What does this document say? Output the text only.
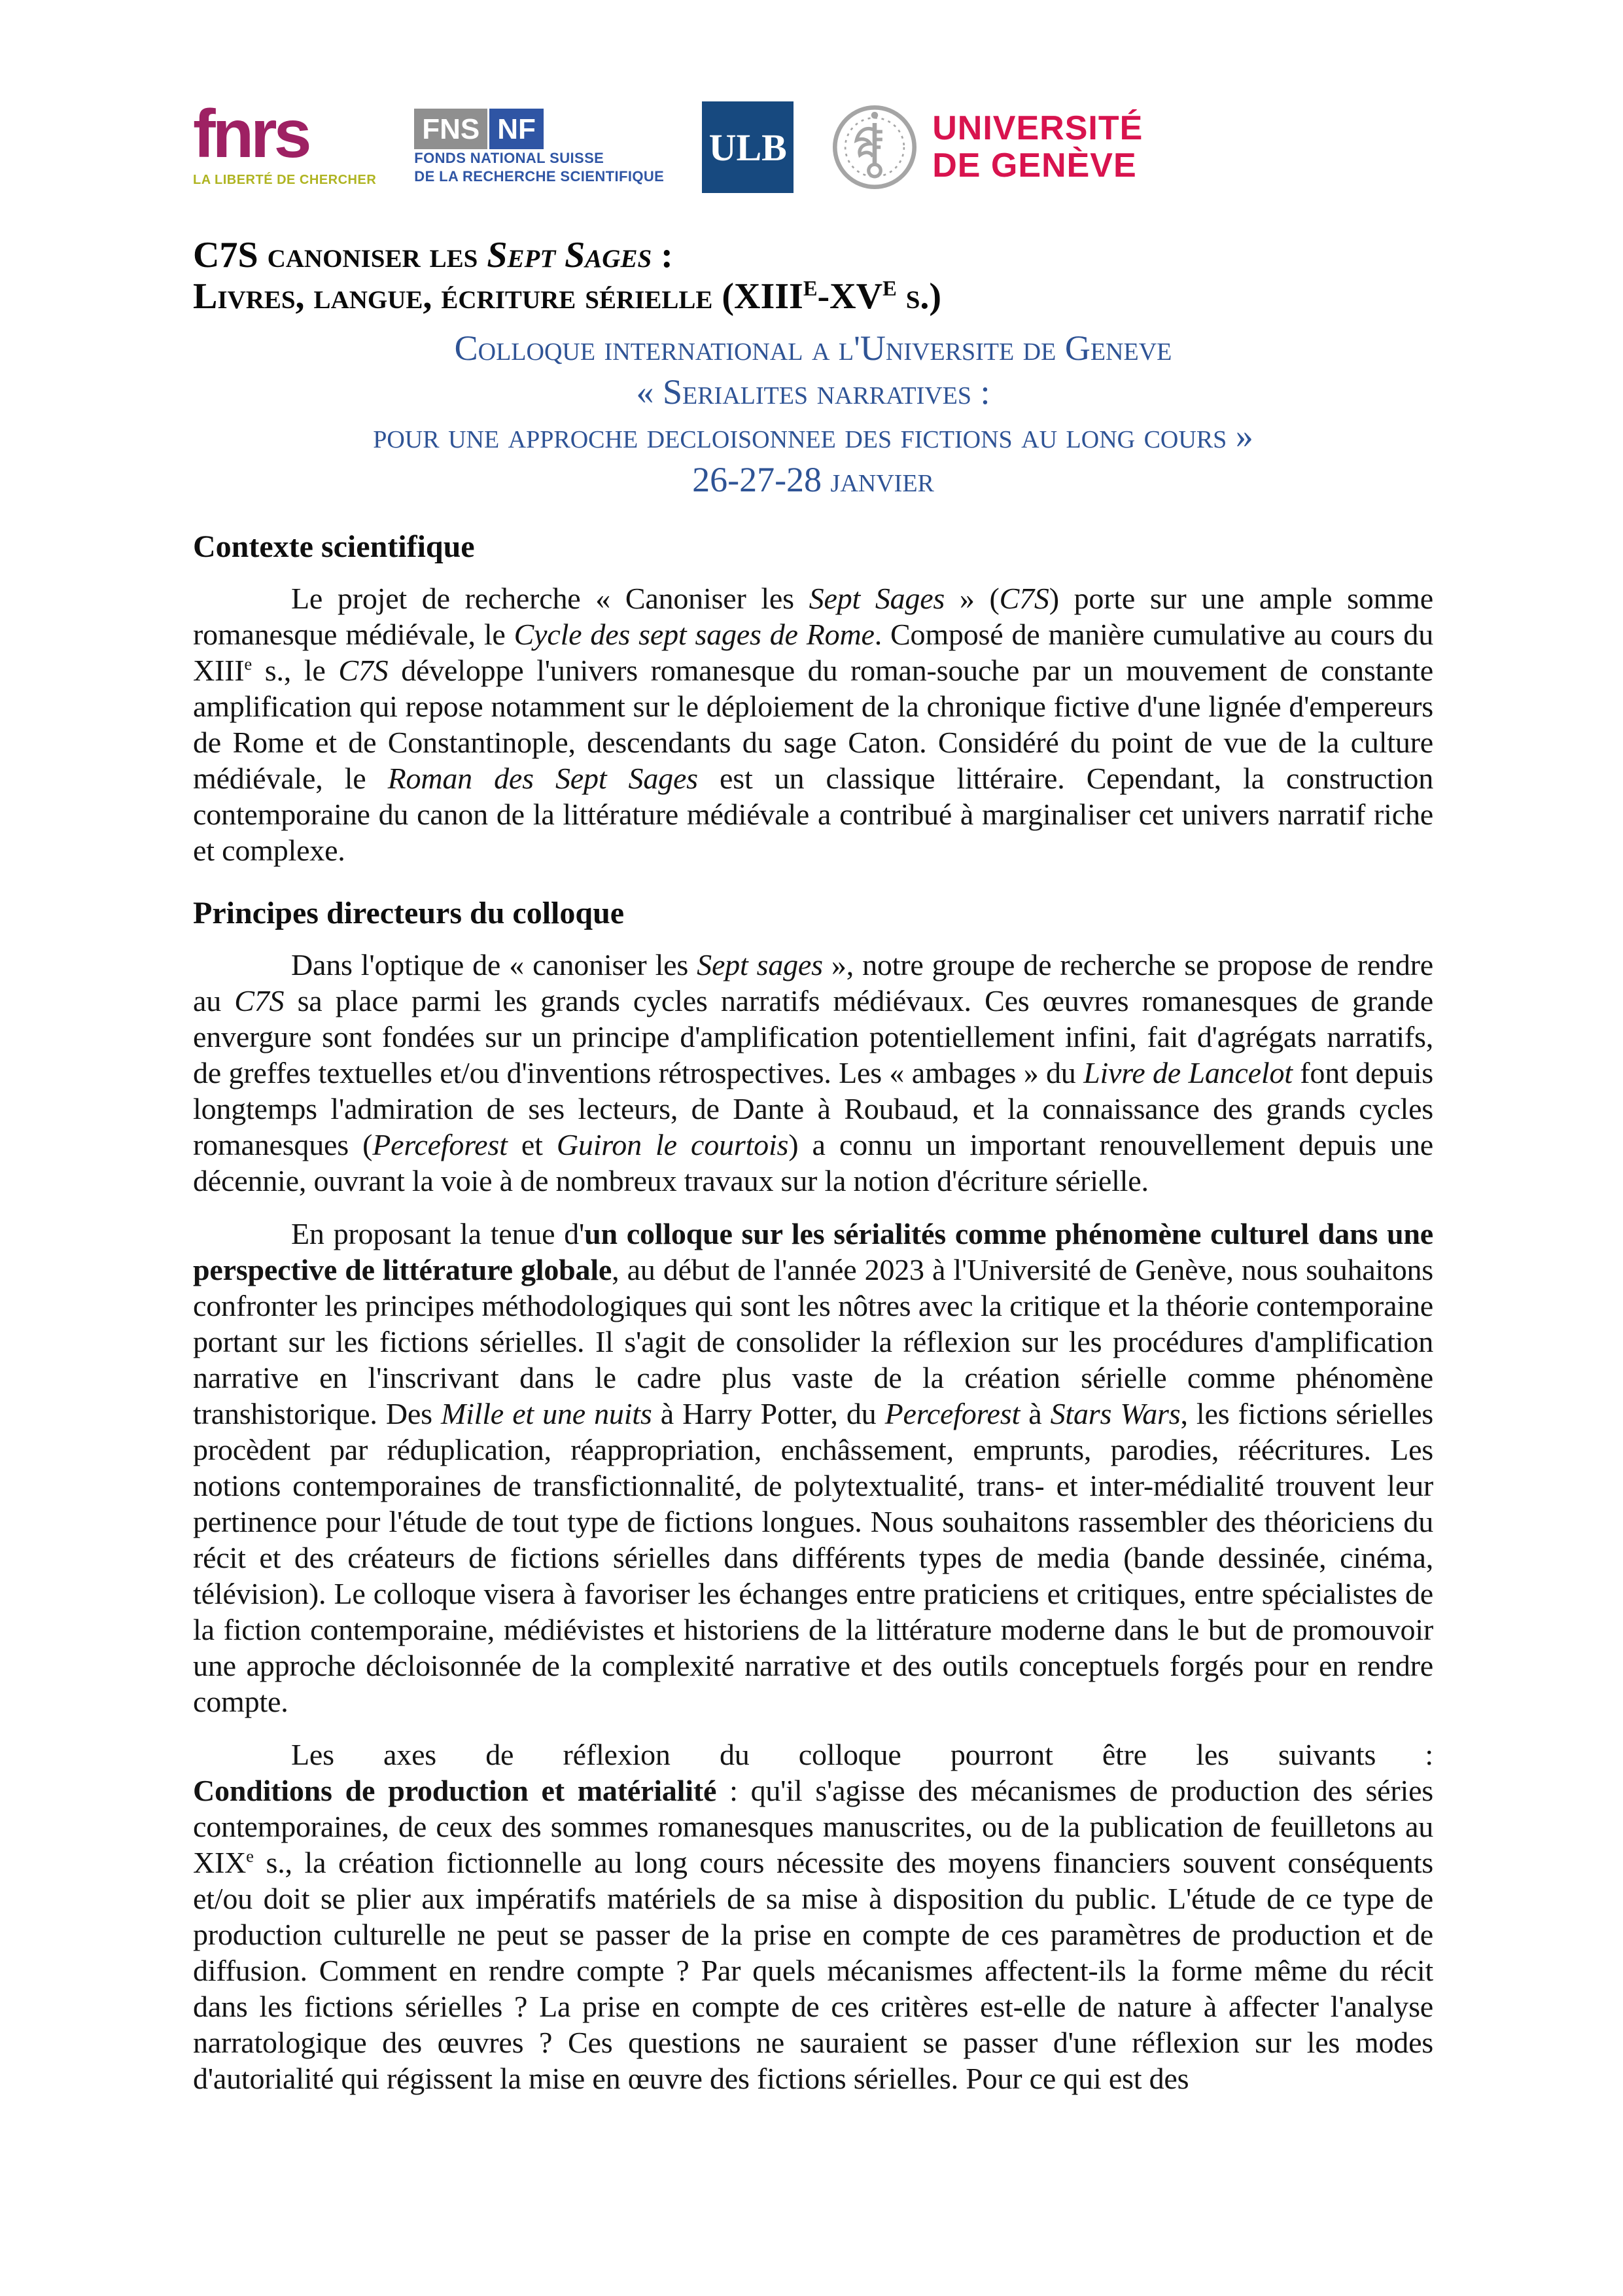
fnrs
LA LIBERTÉ DE CHERCHER
FNS NF
FONDS NATIONAL SUISSE
DE LA RECHERCHE SCIENTIFIQUE
ULB	UNIVERSITÉ
DE GENÈVE
C7S canoniser les Sept Sages :
Livres, langue, écriture sérielle ($XIII^E-XV^E$ s.)
Colloque international a l'Universite de Geneve
« Serialites narratives :
pour une approche decloisonnee des fictions au long cours »
26-27-28 janvier
Contexte scientifique

Le projet de recherche « Canoniser les Sept Sages » (C7S) porte sur une ample somme romanesque médiévale, le Cycle des sept sages de Rome. Composé de manière cumulative au cours du XIIIe s., le C7S développe l'univers romanesque du roman-souche par un mouvement de constante amplification qui repose notamment sur le déploiement de la chronique fictive d'une lignée d'empereurs de Rome et de Constantinople, descendants du sage Caton. Considéré du point de vue de la culture médiévale, le Roman des Sept Sages est un classique littéraire. Cependant, la construction contemporaine du canon de la littérature médiévale a contribué à marginaliser cet univers narratif riche et complexe.

Principes directeurs du colloque

Dans l'optique de « canoniser les Sept sages », notre groupe de recherche se propose de rendre au C7S sa place parmi les grands cycles narratifs médiévaux. Ces œuvres romanesques de grande envergure sont fondées sur un principe d'amplification potentiellement infini, fait d'agrégats narratifs, de greffes textuelles et/ou d'inventions rétrospectives. Les « ambages » du Livre de Lancelot font depuis longtemps l'admiration de ses lecteurs, de Dante à Roubaud, et la connaissance des grands cycles romanesques (Perceforest et Guiron le courtois) a connu un important renouvellement depuis une décennie, ouvrant la voie à de nombreux travaux sur la notion d'écriture sérielle.

En proposant la tenue d'un colloque sur les sérialités comme phénomène culturel dans une perspective de littérature globale, au début de l'année 2023 à l'Université de Genève, nous souhaitons confronter les principes méthodologiques qui sont les nôtres avec la critique et la théorie contemporaine portant sur les fictions sérielles. Il s'agit de consolider la réflexion sur les procédures d'amplification narrative en l'inscrivant dans le cadre plus vaste de la création sérielle comme phénomène transhistorique. Des Mille et une nuits à Harry Potter, du Perceforest à Stars Wars, les fictions sérielles procèdent par réduplication, réappropriation, enchâssement, emprunts, parodies, réécritures. Les notions contemporaines de transfictionnalité, de polytextualité, trans- et inter-médialité trouvent leur pertinence pour l'étude de tout type de fictions longues. Nous souhaitons rassembler des théoriciens du récit et des créateurs de fictions sérielles dans différents types de media (bande dessinée, cinéma, télévision). Le colloque visera à favoriser les échanges entre praticiens et critiques, entre spécialistes de la fiction contemporaine, médiévistes et historiens de la littérature moderne dans le but de promouvoir une approche décloisonnée de la complexité narrative et des outils conceptuels forgés pour en rendre compte.

Les axes de réflexion du colloque pourront être les suivants :
Conditions de production et matérialité : qu'il s'agisse des mécanismes de production des séries contemporaines, de ceux des sommes romanesques manuscrites, ou de la publication de feuilletons au XIXe s., la création fictionnelle au long cours nécessite des moyens financiers souvent conséquents et/ou doit se plier aux impératifs matériels de sa mise à disposition du public. L'étude de ce type de production culturelle ne peut se passer de la prise en compte de ces paramètres de production et de diffusion. Comment en rendre compte ? Par quels mécanismes affectent-ils la forme même du récit dans les fictions sérielles ? La prise en compte de ces critères est-elle de nature à affecter l'analyse narratologique des œuvres ? Ces questions ne sauraient se passer d'une réflexion sur les modes d'autorialité qui régissent la mise en œuvre des fictions sérielles. Pour ce qui est des
